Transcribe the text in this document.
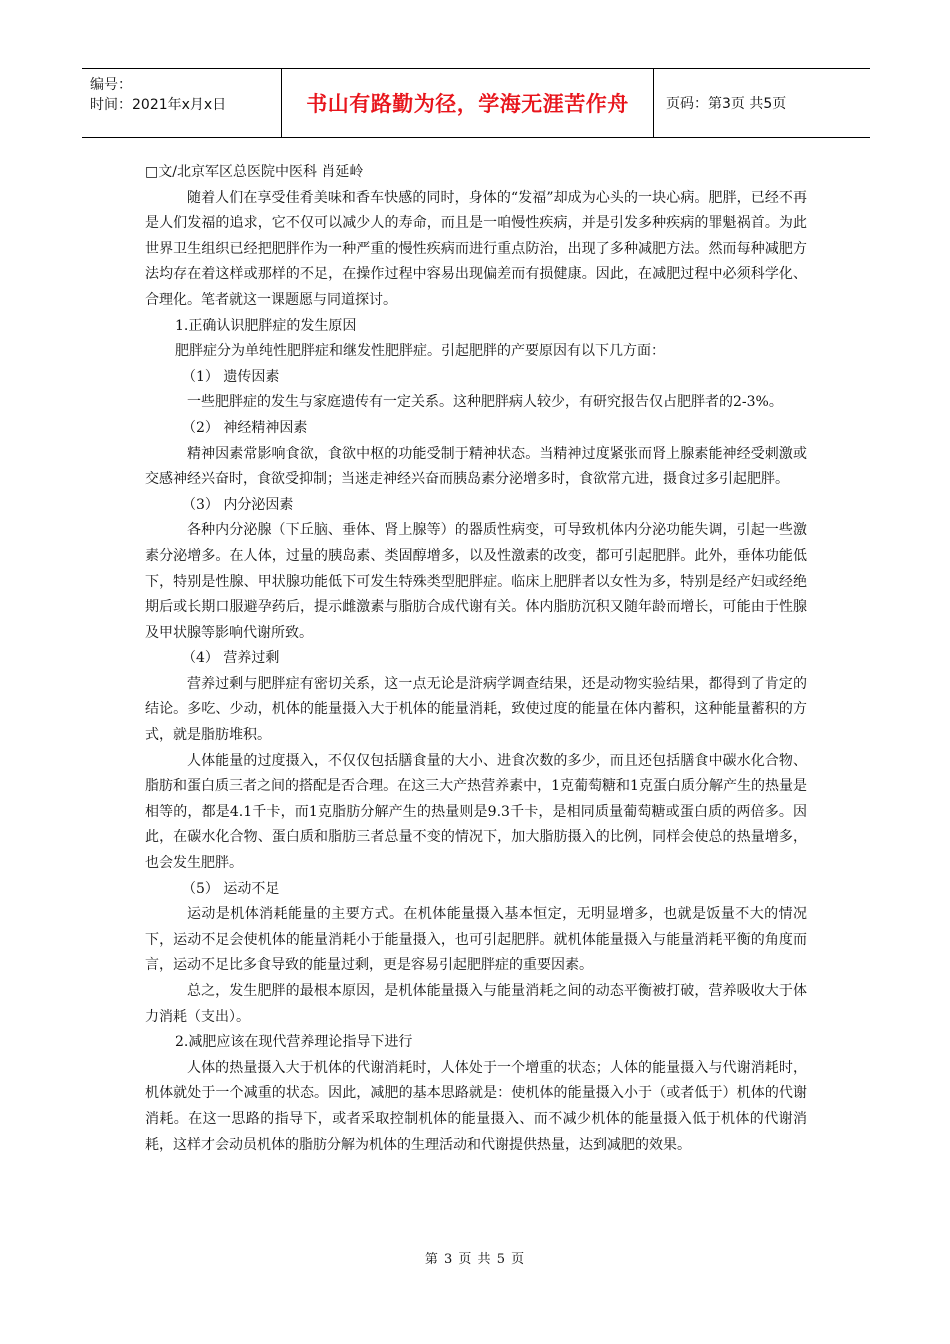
编号：
时间：2021年x月x日	书山有路勤为径，学海无涯苦作舟	页码：第3页 共5页

□文/北京军区总医院中医科 肖延岭

随着人们在享受佳肴美味和香车快感的同时，身体的“发福”却成为心头的一块心病。肥胖，已经不再是人们发福的追求，它不仅可以减少人的寿命，而且是一咱慢性疾病，并是引发多种疾病的罪魁祸首。为此世界卫生组织已经把肥胖作为一种严重的慢性疾病而进行重点防治，出现了多种减肥方法。然而每种减肥方法均存在着这样或那样的不足，在操作过程中容易出现偏差而有损健康。因此，在减肥过程中必须科学化、合理化。笔者就这一课题愿与同道探讨。

1.正确认识肥胖症的发生原因

肥胖症分为单纯性肥胖症和继发性肥胖症。引起肥胖的产要原因有以下几方面：

（1） 遗传因素

一些肥胖症的发生与家庭遗传有一定关系。这种肥胖病人较少，有研究报告仅占肥胖者的2-3%。

（2） 神经精神因素

精神因素常影响食欲，食欲中枢的功能受制于精神状态。当精神过度紧张而肾上腺素能神经受刺激或交感神经兴奋时，食欲受抑制；当迷走神经兴奋而胰岛素分泌增多时，食欲常亢进，摄食过多引起肥胖。

（3） 内分泌因素

各种内分泌腺（下丘脑、垂体、肾上腺等）的器质性病变，可导致机体内分泌功能失调，引起一些激素分泌增多。在人体，过量的胰岛素、类固醇增多，以及性激素的改变，都可引起肥胖。此外，垂体功能低下，特别是性腺、甲状腺功能低下可发生特殊类型肥胖症。临床上肥胖者以女性为多，特别是经产妇或经绝期后或长期口服避孕药后，提示雌激素与脂肪合成代谢有关。体内脂肪沉积又随年龄而增长，可能由于性腺及甲状腺等影响代谢所致。

（4） 营养过剩

营养过剩与肥胖症有密切关系，这一点无论是浒病学调查结果，还是动物实验结果，都得到了肯定的结论。多吃、少动，机体的能量摄入大于机体的能量消耗，致使过度的能量在体内蓄积，这种能量蓄积的方式，就是脂肪堆积。

人体能量的过度摄入，不仅仅包括膳食量的大小、进食次数的多少，而且还包括膳食中碳水化合物、脂肪和蛋白质三者之间的搭配是否合理。在这三大产热营养素中，1克葡萄糖和1克蛋白质分解产生的热量是相等的，都是4.1千卡，而1克脂肪分解产生的热量则是9.3千卡，是相同质量葡萄糖或蛋白质的两倍多。因此，在碳水化合物、蛋白质和脂肪三者总量不变的情况下，加大脂肪摄入的比例，同样会使总的热量增多，也会发生肥胖。

（5） 运动不足

运动是机体消耗能量的主要方式。在机体能量摄入基本恒定，无明显增多，也就是饭量不大的情况下，运动不足会使机体的能量消耗小于能量摄入，也可引起肥胖。就机体能量摄入与能量消耗平衡的角度而言，运动不足比多食导致的能量过剩，更是容易引起肥胖症的重要因素。

总之，发生肥胖的最根本原因，是机体能量摄入与能量消耗之间的动态平衡被打破，营养吸收大于体力消耗（支出）。

2.减肥应该在现代营养理论指导下进行

人体的热量摄入大于机体的代谢消耗时，人体处于一个增重的状态；人体的能量摄入与代谢消耗时，机体就处于一个减重的状态。因此，减肥的基本思路就是：使机体的能量摄入小于（或者低于）机体的代谢消耗。在这一思路的指导下，或者采取控制机体的能量摄入、而不减少机体的能量摄入低于机体的代谢消耗，这样才会动员机体的脂肪分解为机体的生理活动和代谢提供热量，达到减肥的效果。

第 3 页 共 5 页
